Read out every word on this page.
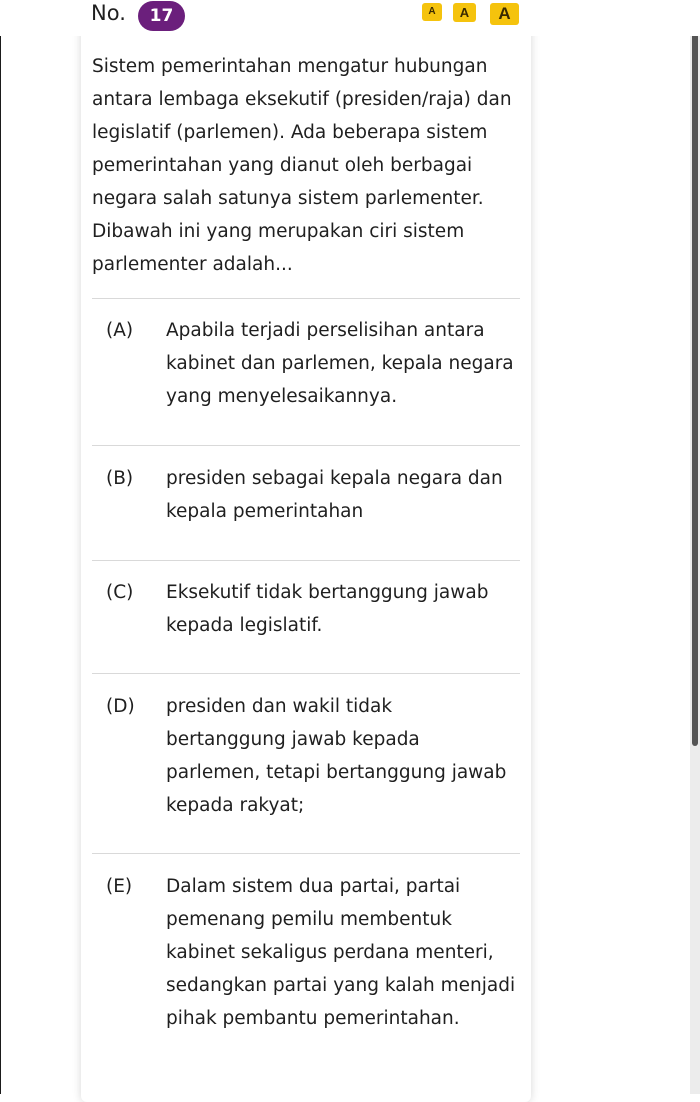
No.	17	A	A	A

Sistem pemerintahan mengatur hubungan antara lembaga eksekutif (presiden/raja) dan legislatif (parlemen). Ada beberapa sistem pemerintahan yang dianut oleh berbagai negara salah satunya sistem parlementer. Dibawah ini yang merupakan ciri sistem parlementer adalah...

(A) Apabila terjadi perselisihan antara kabinet dan parlemen, kepala negara yang menyelesaikannya.

(B) presiden sebagai kepala negara dan kepala pemerintahan

(C) Eksekutif tidak bertanggung jawab kepada legislatif.

(D) presiden dan wakil tidak bertanggung jawab kepada parlemen, tetapi bertanggung jawab kepada rakyat;

(E) Dalam sistem dua partai, partai pemenang pemilu membentuk kabinet sekaligus perdana menteri, sedangkan partai yang kalah menjadi pihak pembantu pemerintahan.
